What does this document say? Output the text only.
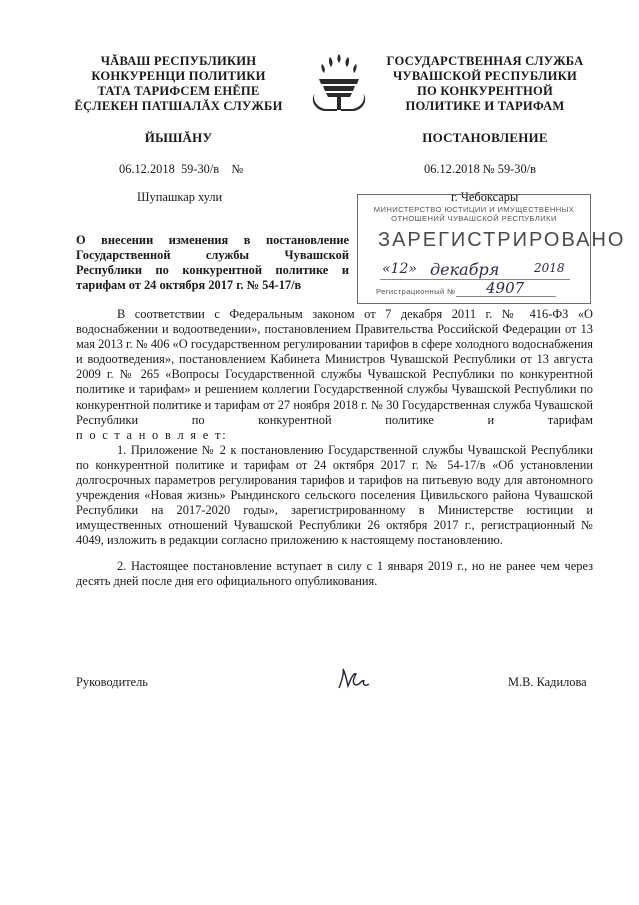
ЧĂВАШ РЕСПУБЛИКИН
КОНКУРЕНЦИ ПОЛИТИКИ
ТАТА ТАРИФСЕМ ЕНĔПЕ
ĔÇЛЕКЕН ПАТШАЛĂХ СЛУЖБИ
ГОСУДАРСТВЕННАЯ СЛУЖБА
ЧУВАШСКОЙ РЕСПУБЛИКИ
ПО КОНКУРЕНТНОЙ
ПОЛИТИКЕ И ТАРИФАМ
ЙЫШĂНУ	ПОСТАНОВЛЕНИЕ
06.12.2018  59-30/в    №	06.12.2018 № 59-30/в
Шупашкар хули	г. Чебоксары
О внесении изменения в постановление Государственной службы Чувашской Республики по конкурентной политике и тарифам от 24 октября 2017 г. № 54-17/в
МИНИСТЕРСТВО ЮСТИЦИИ И ИМУЩЕСТВЕННЫХ
ОТНОШЕНИЙ ЧУВАШСКОЙ РЕСПУБЛИКИ
ЗАРЕГИСТРИРОВАНО
«12» декабря	2018
Регистрационный № 4907

В соответствии с Федеральным законом от 7 декабря 2011 г. № 416-ФЗ «О водоснабжении и водоотведении», постановлением Правительства Российской Федерации от 13 мая 2013 г. № 406 «О государственном регулировании тарифов в сфере холодного водоснабжения и водоотведения», постановлением Кабинета Министров Чувашской Республики от 13 августа 2009 г. № 265 «Вопросы Государственной службы Чувашской Республики по конкурентной политике и тарифам» и решением коллегии Государственной службы Чувашской Республики по конкурентной политике и тарифам от 27 ноября 2018 г. № 30 Государственная служба Чувашской Республики по конкурентной политике и тарифам

п о с т а н о в л я е т:

1. Приложение № 2 к постановлению Государственной службы Чувашской Республики по конкурентной политике и тарифам от 24 октября 2017 г. № 54-17/в «Об установлении долгосрочных параметров регулирования тарифов и тарифов на питьевую воду для автономного учреждения «Новая жизнь» Рындинского сельского поселения Цивильского района Чувашской Республики на 2017-2020 годы», зарегистрированному в Министерстве юстиции и имущественных отношений Чувашской Республики 26 октября 2017 г., регистрационный № 4049, изложить в редакции согласно приложению к настоящему постановлению.

2. Настоящее постановление вступает в силу с 1 января 2019 г., но не ранее чем через десять дней после дня его официального опубликования.

Руководитель	М.В. Кадилова
